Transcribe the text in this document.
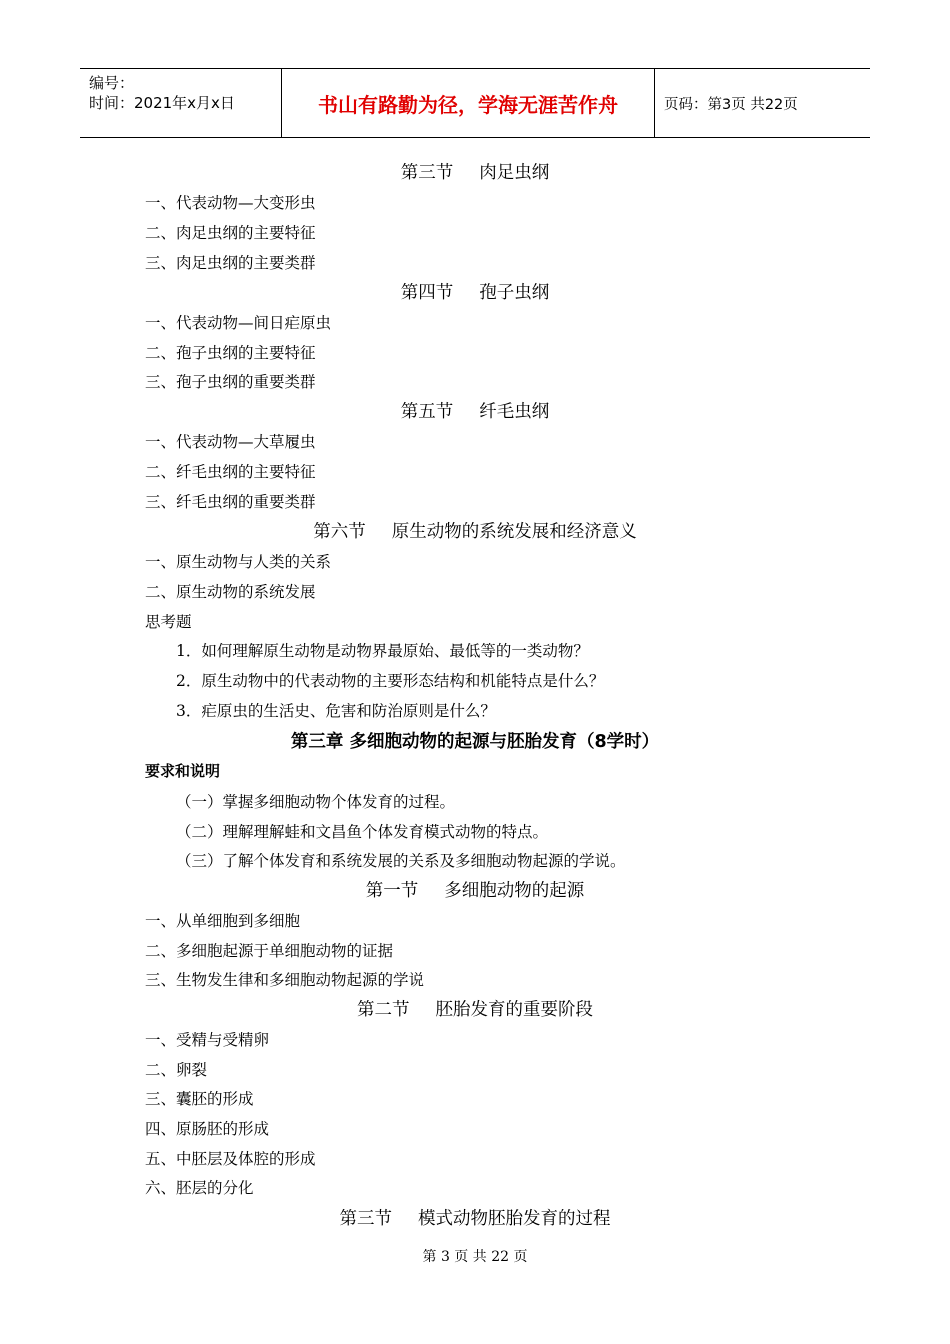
编号：
时间：2021年x月x日	书山有路勤为径，学海无涯苦作舟	页码：第3页 共22页
第三节 肉足虫纲
一、代表动物—大变形虫
二、肉足虫纲的主要特征
三、肉足虫纲的主要类群
第四节 孢子虫纲
一、代表动物—间日疟原虫
二、孢子虫纲的主要特征
三、孢子虫纲的重要类群
第五节 纤毛虫纲
一、代表动物—大草履虫
二、纤毛虫纲的主要特征
三、纤毛虫纲的重要类群
第六节 原生动物的系统发展和经济意义
一、原生动物与人类的关系
二、原生动物的系统发展
思考题
1．如何理解原生动物是动物界最原始、最低等的一类动物？
2．原生动物中的代表动物的主要形态结构和机能特点是什么？
3．疟原虫的生活史、危害和防治原则是什么？
第三章 多细胞动物的起源与胚胎发育（8学时）
要求和说明
（一）掌握多细胞动物个体发育的过程。
（二）理解理解蛙和文昌鱼个体发育模式动物的特点。
（三）了解个体发育和系统发展的关系及多细胞动物起源的学说。
第一节 多细胞动物的起源
一、从单细胞到多细胞
二、多细胞起源于单细胞动物的证据
三、生物发生律和多细胞动物起源的学说
第二节 胚胎发育的重要阶段
一、受精与受精卵
二、卵裂
三、囊胚的形成
四、原肠胚的形成
五、中胚层及体腔的形成
六、胚层的分化
第三节 模式动物胚胎发育的过程
第 3 页 共 22 页
